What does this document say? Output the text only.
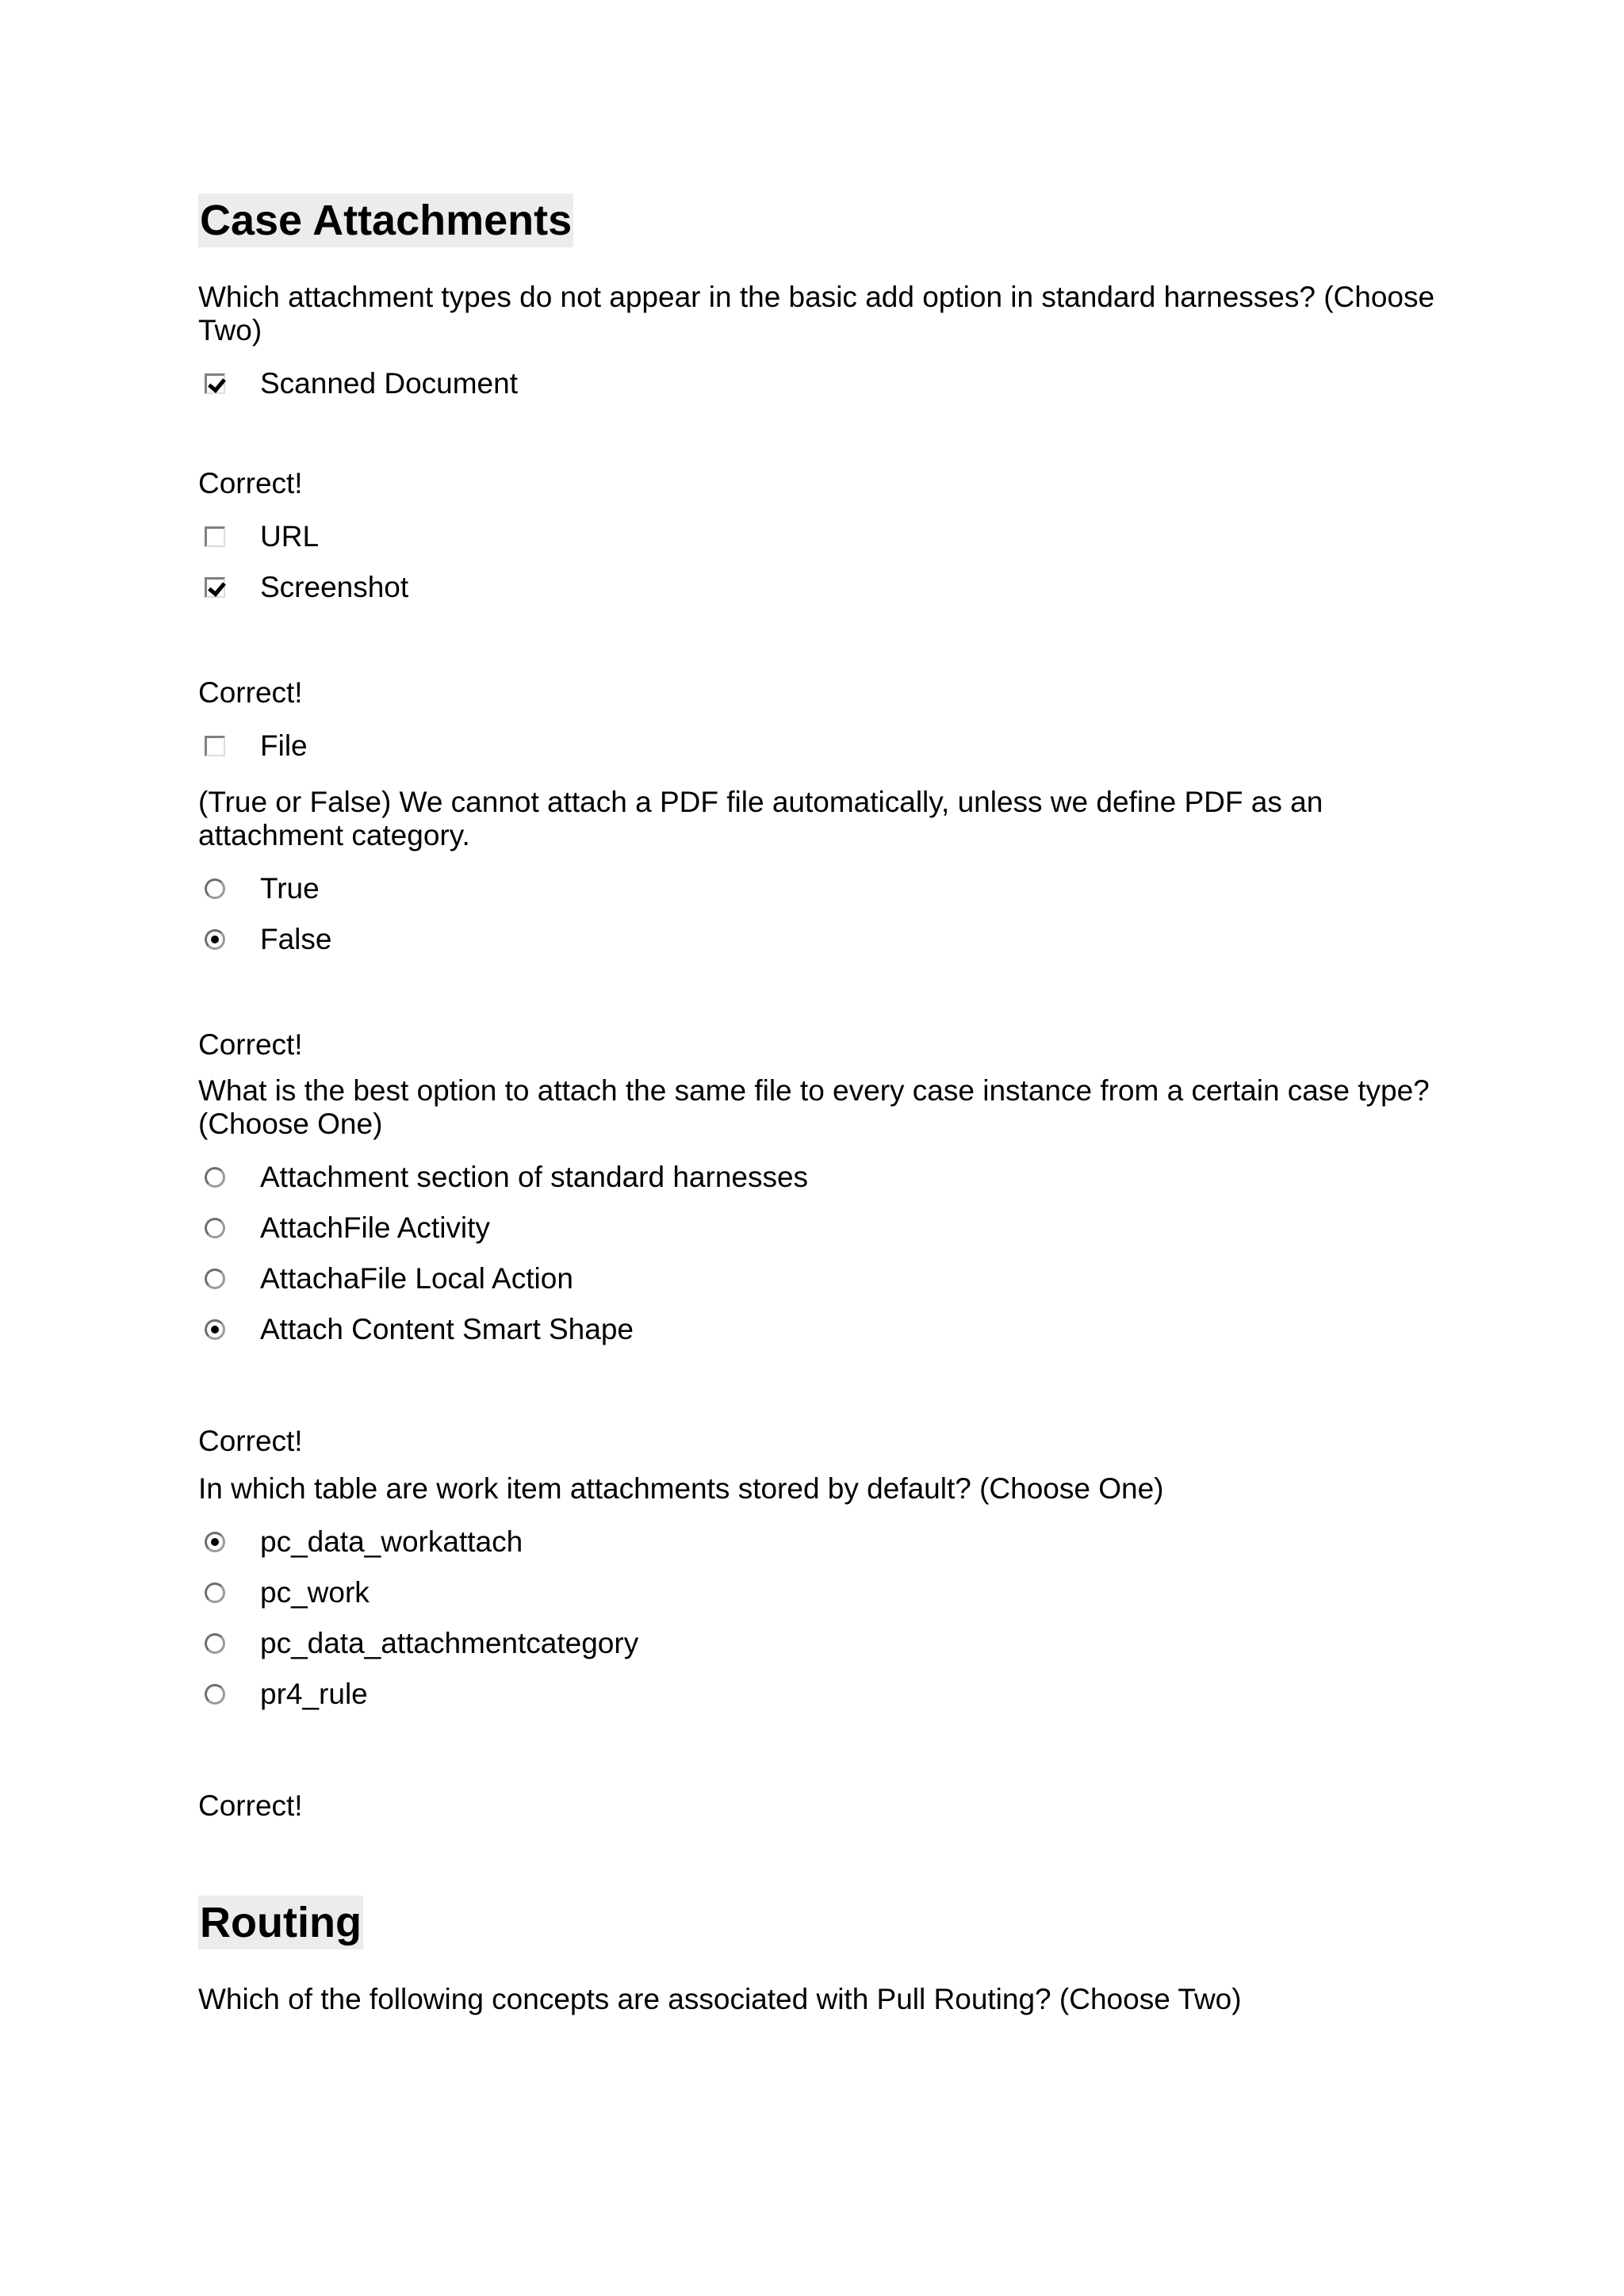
Case Attachments

Which attachment types do not appear in the basic add option in standard harnesses? (Choose Two)

Scanned Document

Correct!

URL
Screenshot

Correct!

File

(True or False) We cannot attach a PDF file automatically, unless we define PDF as an attachment category.

True
False

Correct!

What is the best option to attach the same file to every case instance from a certain case type? (Choose One)

Attachment section of standard harnesses
AttachFile Activity
AttachaFile Local Action
Attach Content Smart Shape

Correct!

In which table are work item attachments stored by default? (Choose One)

pc_data_workattach
pc_work
pc_data_attachmentcategory
pr4_rule

Correct!

Routing

Which of the following concepts are associated with Pull Routing? (Choose Two)
